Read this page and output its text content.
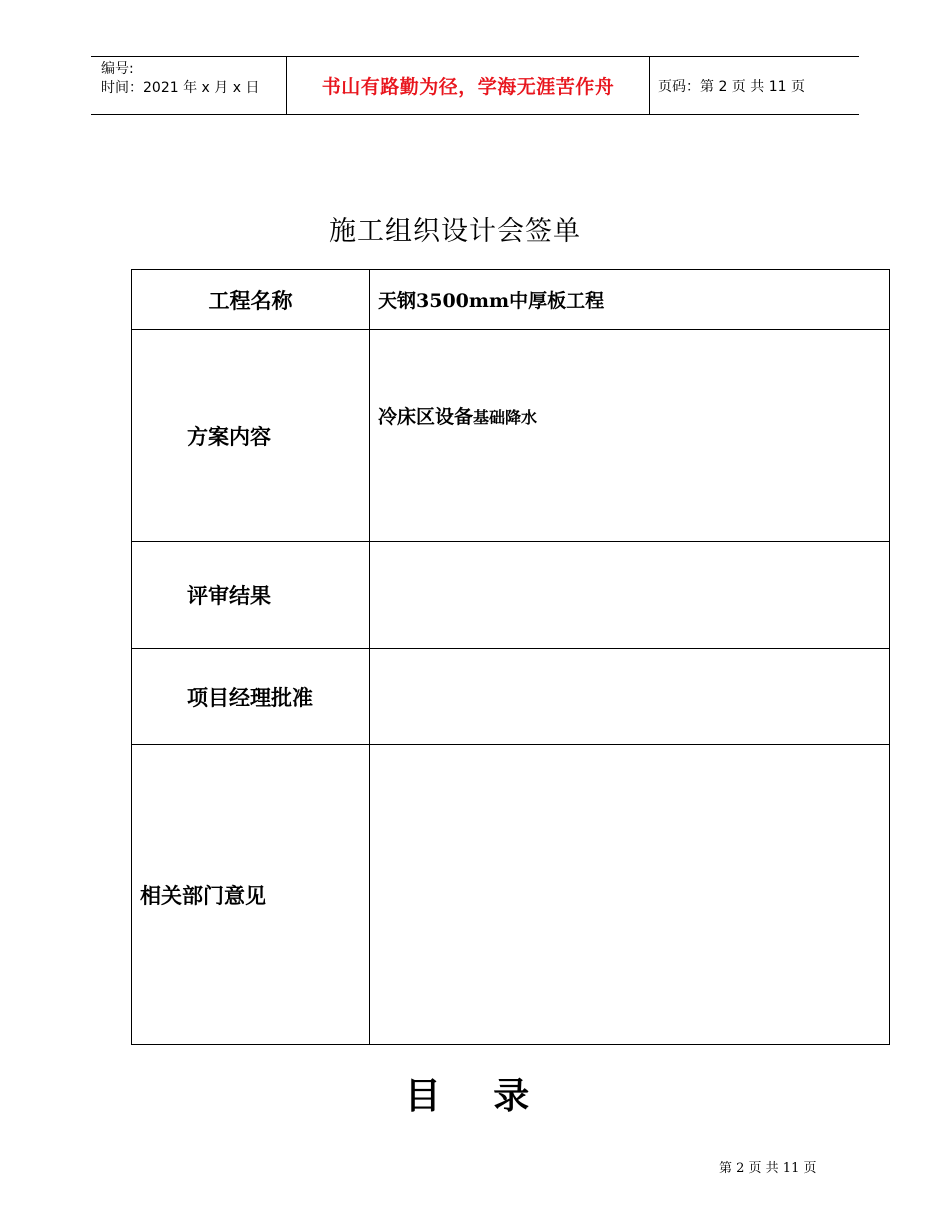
编号:
时间：2021 年 x 月 x 日	书山有路勤为径，学海无涯苦作舟	页码：第 2 页 共 11 页
施工组织设计会签单
工程名称	天钢3500mm中厚板工程
方案内容	冷床区设备基础降水
评审结果	
项目经理批准	
相关部门意见	
目 录
第 2 页 共 11 页
